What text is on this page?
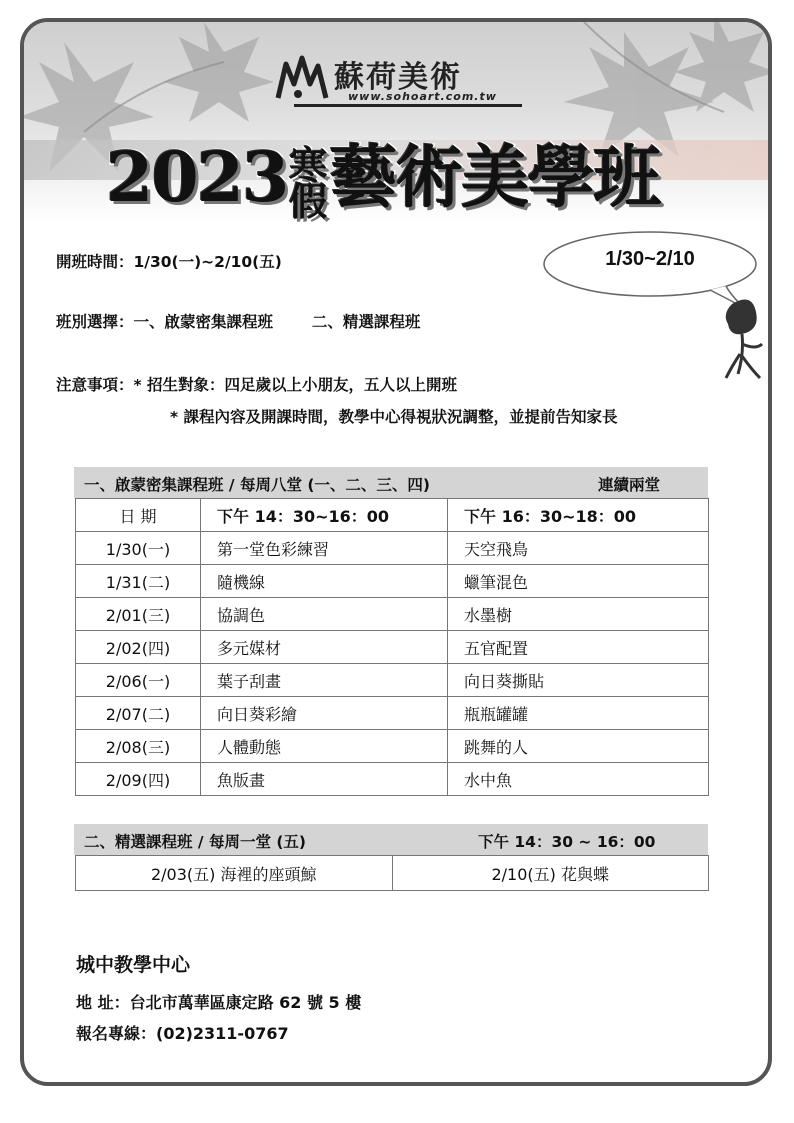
蘇荷美術
www.sohoart.com.tw
2023寒
假藝術美學班
1/30~2/10
開班時間：1/30(一)~2/10(五)
班別選擇：一、啟蒙密集課程班	二、精選課程班
注意事項：* 招生對象：四足歲以上小朋友，五人以上開班
* 課程內容及開課時間，教學中心得視狀況調整，並提前告知家長
一、啟蒙密集課程班 / 每周八堂 (一、二、三、四)	連續兩堂
日 期	下午 14：30~16：00	下午 16：30~18：00
1/30(一)	第一堂色彩練習	天空飛鳥
1/31(二)	隨機線	蠟筆混色
2/01(三)	協調色	水墨樹
2/02(四)	多元媒材	五官配置
2/06(一)	葉子刮畫	向日葵撕貼
2/07(二)	向日葵彩繪	瓶瓶罐罐
2/08(三)	人體動態	跳舞的人
2/09(四)	魚版畫	水中魚
二、精選課程班 / 每周一堂 (五)	下午 14：30 ~ 16：00
2/03(五) 海裡的座頭鯨	2/10(五) 花與蝶
城中教學中心
地 址：台北市萬華區康定路 62 號 5 樓
報名專線：(02)2311-0767
